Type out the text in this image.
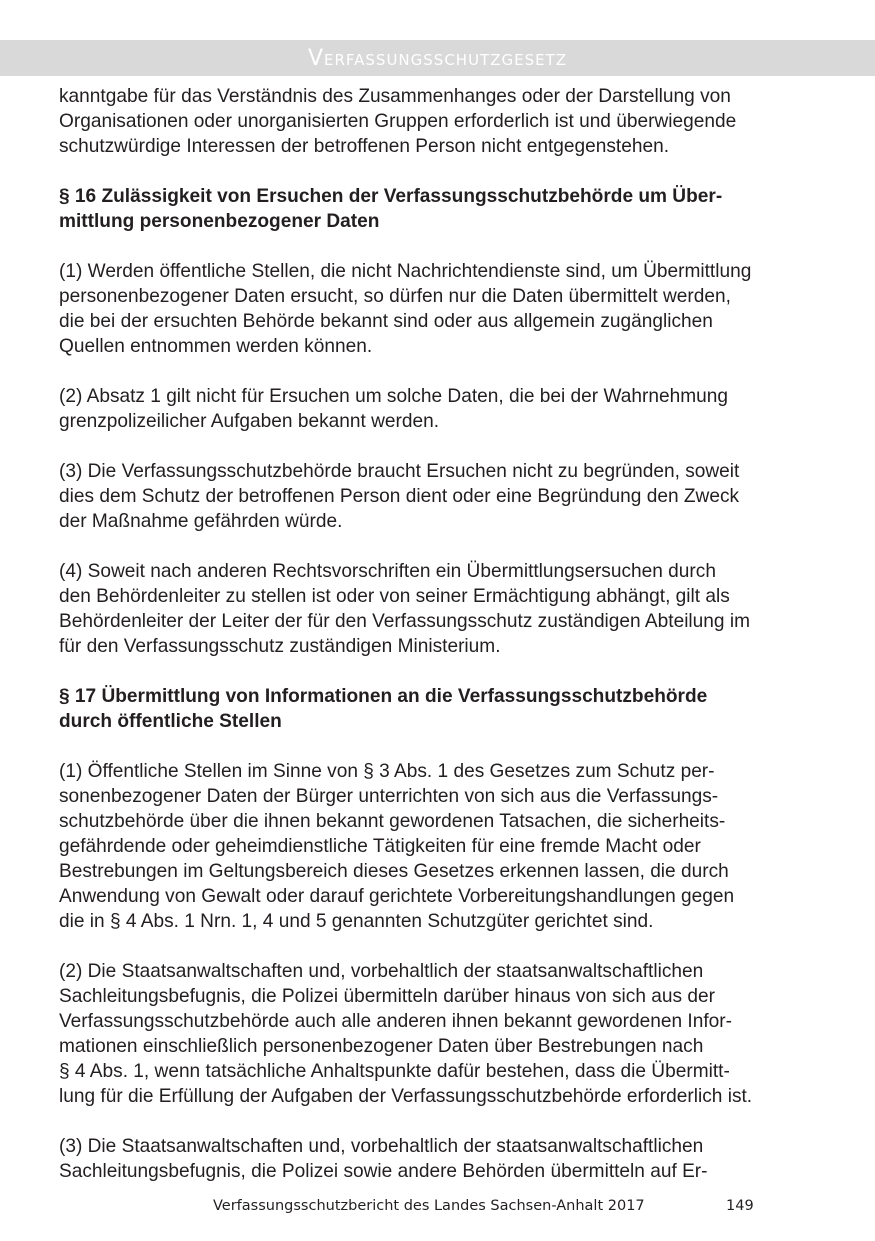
Verfassungsschutzgesetz
kanntgabe für das Verständnis des Zusammenhanges oder der Darstellung von
Organisationen oder unorganisierten Gruppen erforderlich ist und überwiegende
schutzwürdige Interessen der betroffenen Person nicht entgegenstehen.
§ 16 Zulässigkeit von Ersuchen der Verfassungsschutzbehörde um Über-
mittlung personenbezogener Daten
(1) Werden öffentliche Stellen, die nicht Nachrichtendienste sind, um Übermittlung
personenbezogener Daten ersucht, so dürfen nur die Daten übermittelt werden,
die bei der ersuchten Behörde bekannt sind oder aus allgemein zugänglichen
Quellen entnommen werden können.
(2) Absatz 1 gilt nicht für Ersuchen um solche Daten, die bei der Wahrnehmung
grenzpolizeilicher Aufgaben bekannt werden.
(3) Die Verfassungsschutzbehörde braucht Ersuchen nicht zu begründen, soweit
dies dem Schutz der betroffenen Person dient oder eine Begründung den Zweck
der Maßnahme gefährden würde.
(4) Soweit nach anderen Rechtsvorschriften ein Übermittlungsersuchen durch
den Behördenleiter zu stellen ist oder von seiner Ermächtigung abhängt, gilt als
Behördenleiter der Leiter der für den Verfassungsschutz zuständigen Abteilung im
für den Verfassungsschutz zuständigen Ministerium.
§ 17 Übermittlung von Informationen an die Verfassungsschutzbehörde
durch öffentliche Stellen
(1) Öffentliche Stellen im Sinne von § 3 Abs. 1 des Gesetzes zum Schutz per-
sonenbezogener Daten der Bürger unterrichten von sich aus die Verfassungs-
schutzbehörde über die ihnen bekannt gewordenen Tatsachen, die sicherheits-
gefährdende oder geheimdienstliche Tätigkeiten für eine fremde Macht oder
Bestrebungen im Geltungsbereich dieses Gesetzes erkennen lassen, die durch
Anwendung von Gewalt oder darauf gerichtete Vorbereitungshandlungen gegen
die in § 4 Abs. 1 Nrn. 1, 4 und 5 genannten Schutzgüter gerichtet sind.
(2) Die Staatsanwaltschaften und, vorbehaltlich der staatsanwaltschaftlichen
Sachleitungsbefugnis, die Polizei übermitteln darüber hinaus von sich aus der
Verfassungsschutzbehörde auch alle anderen ihnen bekannt gewordenen Infor-
mationen einschließlich personenbezogener Daten über Bestrebungen nach
§ 4 Abs. 1, wenn tatsächliche Anhaltspunkte dafür bestehen, dass die Übermitt-
lung für die Erfüllung der Aufgaben der Verfassungsschutzbehörde erforderlich ist.
(3) Die Staatsanwaltschaften und, vorbehaltlich der staatsanwaltschaftlichen
Sachleitungsbefugnis, die Polizei sowie andere Behörden übermitteln auf Er-
Verfassungsschutzbericht des Landes Sachsen-Anhalt 2017	149
